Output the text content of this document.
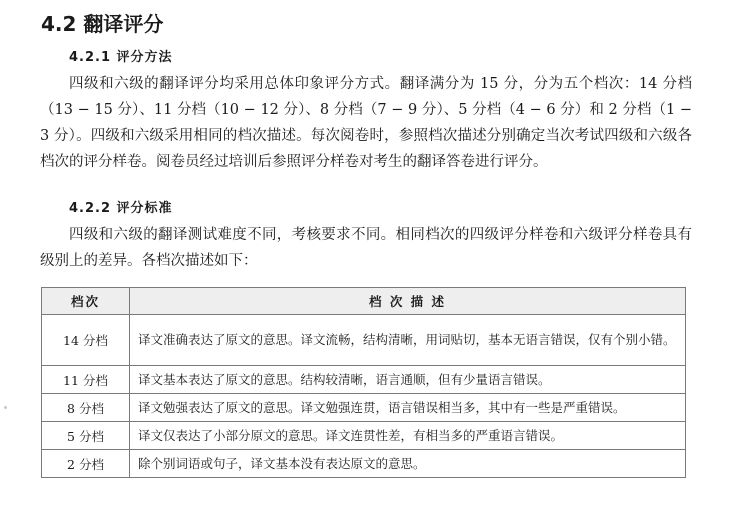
4.2 翻译评分
4.2.1 评分方法

四级和六级的翻译评分均采用总体印象评分方式。翻译满分为 15 分，分为五个档次：14 分档（13 − 15 分）、11 分档（10 − 12 分）、8 分档（7 − 9 分）、5 分档（4 − 6 分）和 2 分档（1 − 3 分）。四级和六级采用相同的档次描述。每次阅卷时，参照档次描述分别确定当次考试四级和六级各档次的评分样卷。阅卷员经过培训后参照评分样卷对考生的翻译答卷进行评分。

4.2.2 评分标准

四级和六级的翻译测试难度不同，考核要求不同。相同档次的四级评分样卷和六级评分样卷具有级别上的差异。各档次描述如下：

档次	档 次 描 述
14 分档	译文准确表达了原文的意思。译文流畅，结构清晰，用词贴切，基本无语言错误，仅有个别小错。
11 分档	译文基本表达了原文的意思。结构较清晰，语言通顺，但有少量语言错误。
8 分档	译文勉强表达了原文的意思。译文勉强连贯，语言错误相当多，其中有一些是严重错误。
5 分档	译文仅表达了小部分原文的意思。译文连贯性差，有相当多的严重语言错误。
2 分档	除个别词语或句子，译文基本没有表达原文的意思。
